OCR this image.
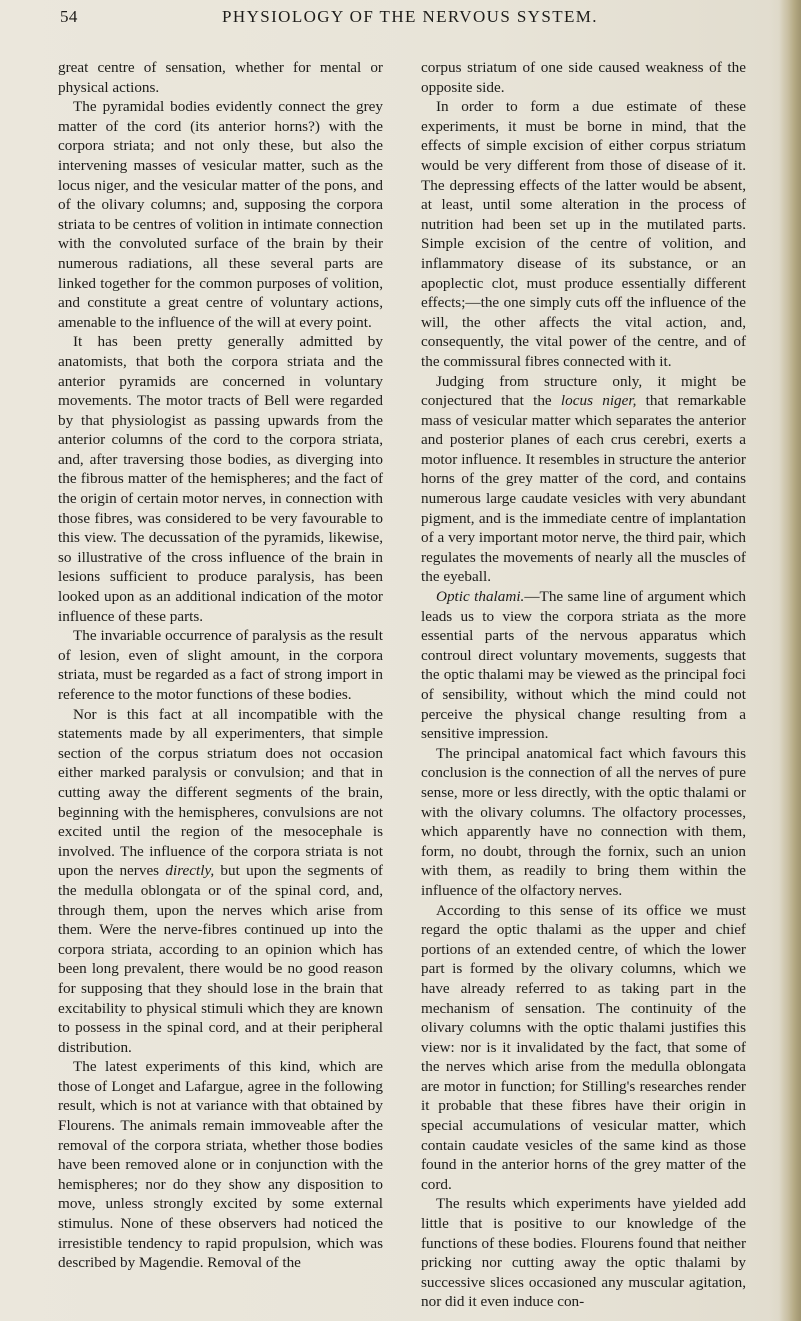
54	PHYSIOLOGY OF THE NERVOUS SYSTEM.

great centre of sensation, whether for mental or physical actions.

The pyramidal bodies evidently connect the grey matter of the cord (its anterior horns?) with the corpora striata; and not only these, but also the intervening masses of vesicular matter, such as the locus niger, and the vesicular matter of the pons, and of the olivary columns; and, supposing the corpora striata to be centres of volition in intimate connection with the convoluted surface of the brain by their numerous radiations, all these several parts are linked together for the common purposes of volition, and constitute a great centre of voluntary actions, amenable to the influence of the will at every point.

It has been pretty generally admitted by anatomists, that both the corpora striata and the anterior pyramids are concerned in voluntary movements. The motor tracts of Bell were regarded by that physiologist as passing upwards from the anterior columns of the cord to the corpora striata, and, after traversing those bodies, as diverging into the fibrous matter of the hemispheres; and the fact of the origin of certain motor nerves, in connection with those fibres, was considered to be very favourable to this view. The decussation of the pyramids, likewise, so illustrative of the cross influence of the brain in lesions sufficient to produce paralysis, has been looked upon as an additional indication of the motor influence of these parts.

The invariable occurrence of paralysis as the result of lesion, even of slight amount, in the corpora striata, must be regarded as a fact of strong import in reference to the motor functions of these bodies.

Nor is this fact at all incompatible with the statements made by all experimenters, that simple section of the corpus striatum does not occasion either marked paralysis or convulsion; and that in cutting away the different segments of the brain, beginning with the hemispheres, convulsions are not excited until the region of the mesocephale is involved. The influence of the corpora striata is not upon the nerves directly, but upon the segments of the medulla oblongata or of the spinal cord, and, through them, upon the nerves which arise from them. Were the nerve-fibres continued up into the corpora striata, according to an opinion which has been long prevalent, there would be no good reason for supposing that they should lose in the brain that excitability to physical stimuli which they are known to possess in the spinal cord, and at their peripheral distribution.

The latest experiments of this kind, which are those of Longet and Lafargue, agree in the following result, which is not at variance with that obtained by Flourens. The animals remain immoveable after the removal of the corpora striata, whether those bodies have been removed alone or in conjunction with the hemispheres; nor do they show any disposition to move, unless strongly excited by some external stimulus. None of these observers had noticed the irresistible tendency to rapid propulsion, which was described by Magendie. Removal of the

corpus striatum of one side caused weakness of the opposite side.

In order to form a due estimate of these experiments, it must be borne in mind, that the effects of simple excision of either corpus striatum would be very different from those of disease of it. The depressing effects of the latter would be absent, at least, until some alteration in the process of nutrition had been set up in the mutilated parts. Simple excision of the centre of volition, and inflammatory disease of its substance, or an apoplectic clot, must produce essentially different effects;—the one simply cuts off the influence of the will, the other affects the vital action, and, consequently, the vital power of the centre, and of the commissural fibres connected with it.

Judging from structure only, it might be conjectured that the locus niger, that remarkable mass of vesicular matter which separates the anterior and posterior planes of each crus cerebri, exerts a motor influence. It resembles in structure the anterior horns of the grey matter of the cord, and contains numerous large caudate vesicles with very abundant pigment, and is the immediate centre of implantation of a very important motor nerve, the third pair, which regulates the movements of nearly all the muscles of the eyeball.

Optic thalami.—The same line of argument which leads us to view the corpora striata as the more essential parts of the nervous apparatus which controul direct voluntary movements, suggests that the optic thalami may be viewed as the principal foci of sensibility, without which the mind could not perceive the physical change resulting from a sensitive impression.

The principal anatomical fact which favours this conclusion is the connection of all the nerves of pure sense, more or less directly, with the optic thalami or with the olivary columns. The olfactory processes, which apparently have no connection with them, form, no doubt, through the fornix, such an union with them, as readily to bring them within the influence of the olfactory nerves.

According to this sense of its office we must regard the optic thalami as the upper and chief portions of an extended centre, of which the lower part is formed by the olivary columns, which we have already referred to as taking part in the mechanism of sensation. The continuity of the olivary columns with the optic thalami justifies this view: nor is it invalidated by the fact, that some of the nerves which arise from the medulla oblongata are motor in function; for Stilling's researches render it probable that these fibres have their origin in special accumulations of vesicular matter, which contain caudate vesicles of the same kind as those found in the anterior horns of the grey matter of the cord.

The results which experiments have yielded add little that is positive to our knowledge of the functions of these bodies. Flourens found that neither pricking nor cutting away the optic thalami by successive slices occasioned any muscular agitation, nor did it even induce con-
